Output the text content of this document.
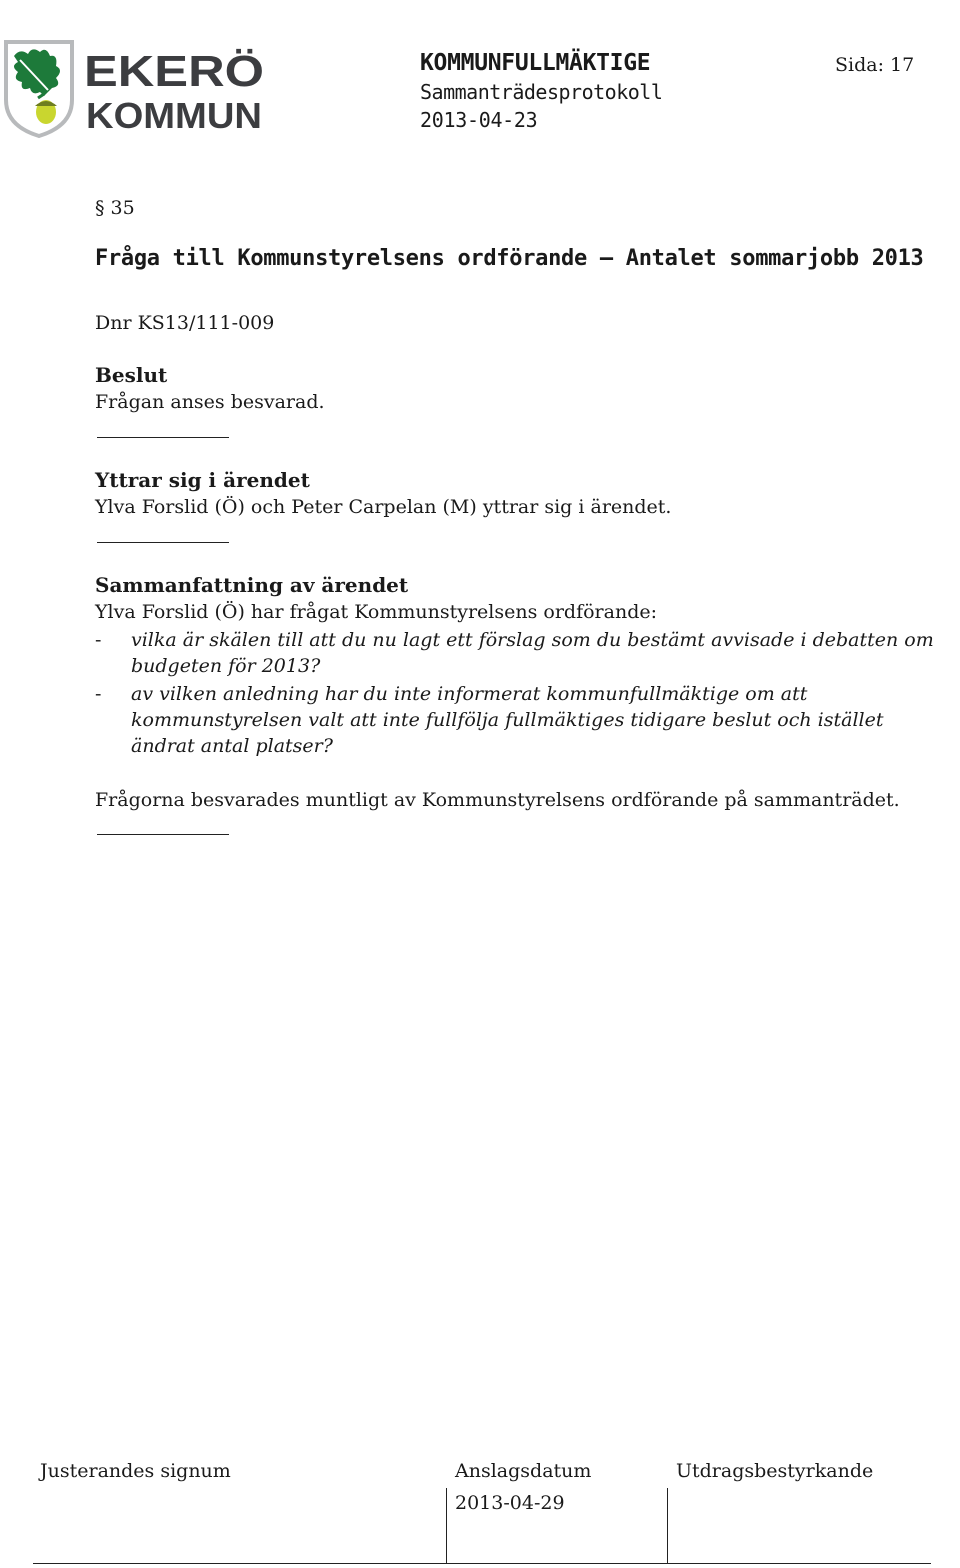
EKERÖ
KOMMUN
KOMMUNFULLMÄKTIGE
Sammanträdesprotokoll
2013-04-23
Sida: 17
§ 35
Fråga till Kommunstyrelsens ordförande – Antalet sommarjobb 2013
Dnr KS13/111-009
Beslut
Frågan anses besvarad.
Yttrar sig i ärendet
Ylva Forslid (Ö) och Peter Carpelan (M) yttrar sig i ärendet.
Sammanfattning av ärendet
Ylva Forslid (Ö) har frågat Kommunstyrelsens ordförande:
- vilka är skälen till att du nu lagt ett förslag som du bestämt avvisade i debatten om budgeten för 2013?
- av vilken anledning har du inte informerat kommunfullmäktige om att kommunstyrelsen valt att inte fullfölja fullmäktiges tidigare beslut och istället ändrat antal platser?
Frågorna besvarades muntligt av Kommunstyrelsens ordförande på sammanträdet.
Justerandes signum	Anslagsdatum	Utdragsbestyrkande
2013-04-29
